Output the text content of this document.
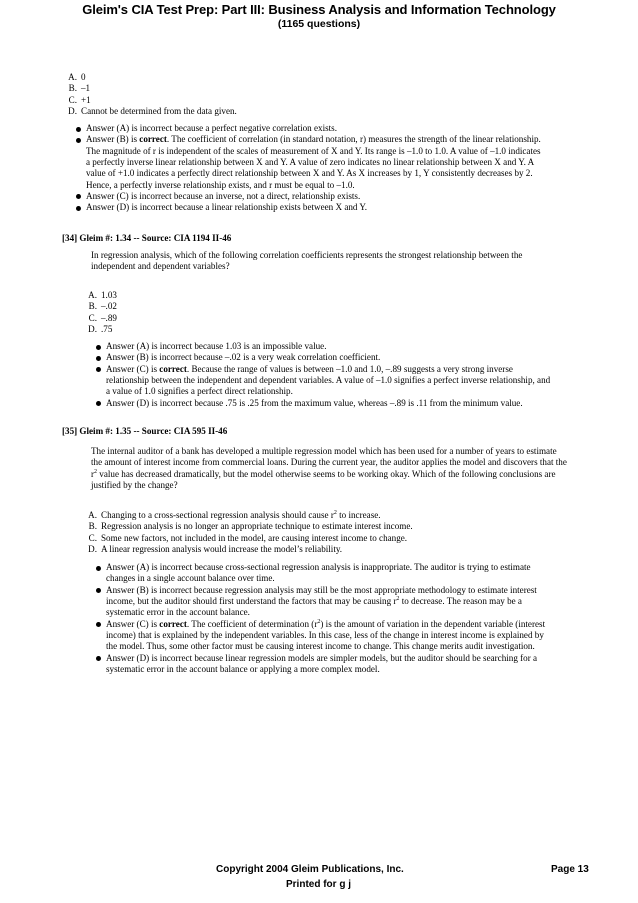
Gleim's CIA Test Prep: Part III: Business Analysis and Information Technology
(1165 questions)
A. 0
B. –1
C. +1
D. Cannot be determined from the data given.
Answer (A) is incorrect because a perfect negative correlation exists.
Answer (B) is correct. The coefficient of correlation (in standard notation, r) measures the strength of the linear relationship. The magnitude of r is independent of the scales of measurement of X and Y. Its range is –1.0 to 1.0. A value of –1.0 indicates a perfectly inverse linear relationship between X and Y. A value of zero indicates no linear relationship between X and Y. A value of +1.0 indicates a perfectly direct relationship between X and Y. As X increases by 1, Y consistently decreases by 2. Hence, a perfectly inverse relationship exists, and r must be equal to –1.0.
Answer (C) is incorrect because an inverse, not a direct, relationship exists.
Answer (D) is incorrect because a linear relationship exists between X and Y.
[34] Gleim #: 1.34 -- Source: CIA 1194 II-46
In regression analysis, which of the following correlation coefficients represents the strongest relationship between the independent and dependent variables?
A. 1.03
B. –.02
C. –.89
D. .75
Answer (A) is incorrect because 1.03 is an impossible value.
Answer (B) is incorrect because –.02 is a very weak correlation coefficient.
Answer (C) is correct. Because the range of values is between –1.0 and 1.0, –.89 suggests a very strong inverse relationship between the independent and dependent variables. A value of –1.0 signifies a perfect inverse relationship, and a value of 1.0 signifies a perfect direct relationship.
Answer (D) is incorrect because .75 is .25 from the maximum value, whereas –.89 is .11 from the minimum value.
[35] Gleim #: 1.35 -- Source: CIA 595 II-46
The internal auditor of a bank has developed a multiple regression model which has been used for a number of years to estimate the amount of interest income from commercial loans. During the current year, the auditor applies the model and discovers that the $r^2$ value has decreased dramatically, but the model otherwise seems to be working okay. Which of the following conclusions are justified by the change?
A. Changing to a cross-sectional regression analysis should cause $r^2$ to increase.
B. Regression analysis is no longer an appropriate technique to estimate interest income.
C. Some new factors, not included in the model, are causing interest income to change.
D. A linear regression analysis would increase the model’s reliability.
Answer (A) is incorrect because cross-sectional regression analysis is inappropriate. The auditor is trying to estimate changes in a single account balance over time.
Answer (B) is incorrect because regression analysis may still be the most appropriate methodology to estimate interest income, but the auditor should first understand the factors that may be causing $r^2$ to decrease. The reason may be a systematic error in the account balance.
Answer (C) is correct. The coefficient of determination $(r^2)$ is the amount of variation in the dependent variable (interest income) that is explained by the independent variables. In this case, less of the change in interest income is explained by the model. Thus, some other factor must be causing interest income to change. This change merits audit investigation.
Answer (D) is incorrect because linear regression models are simpler models, but the auditor should be searching for a systematic error in the account balance or applying a more complex model.
Copyright 2004 Gleim Publications, Inc.	Page 13
Printed for g j
